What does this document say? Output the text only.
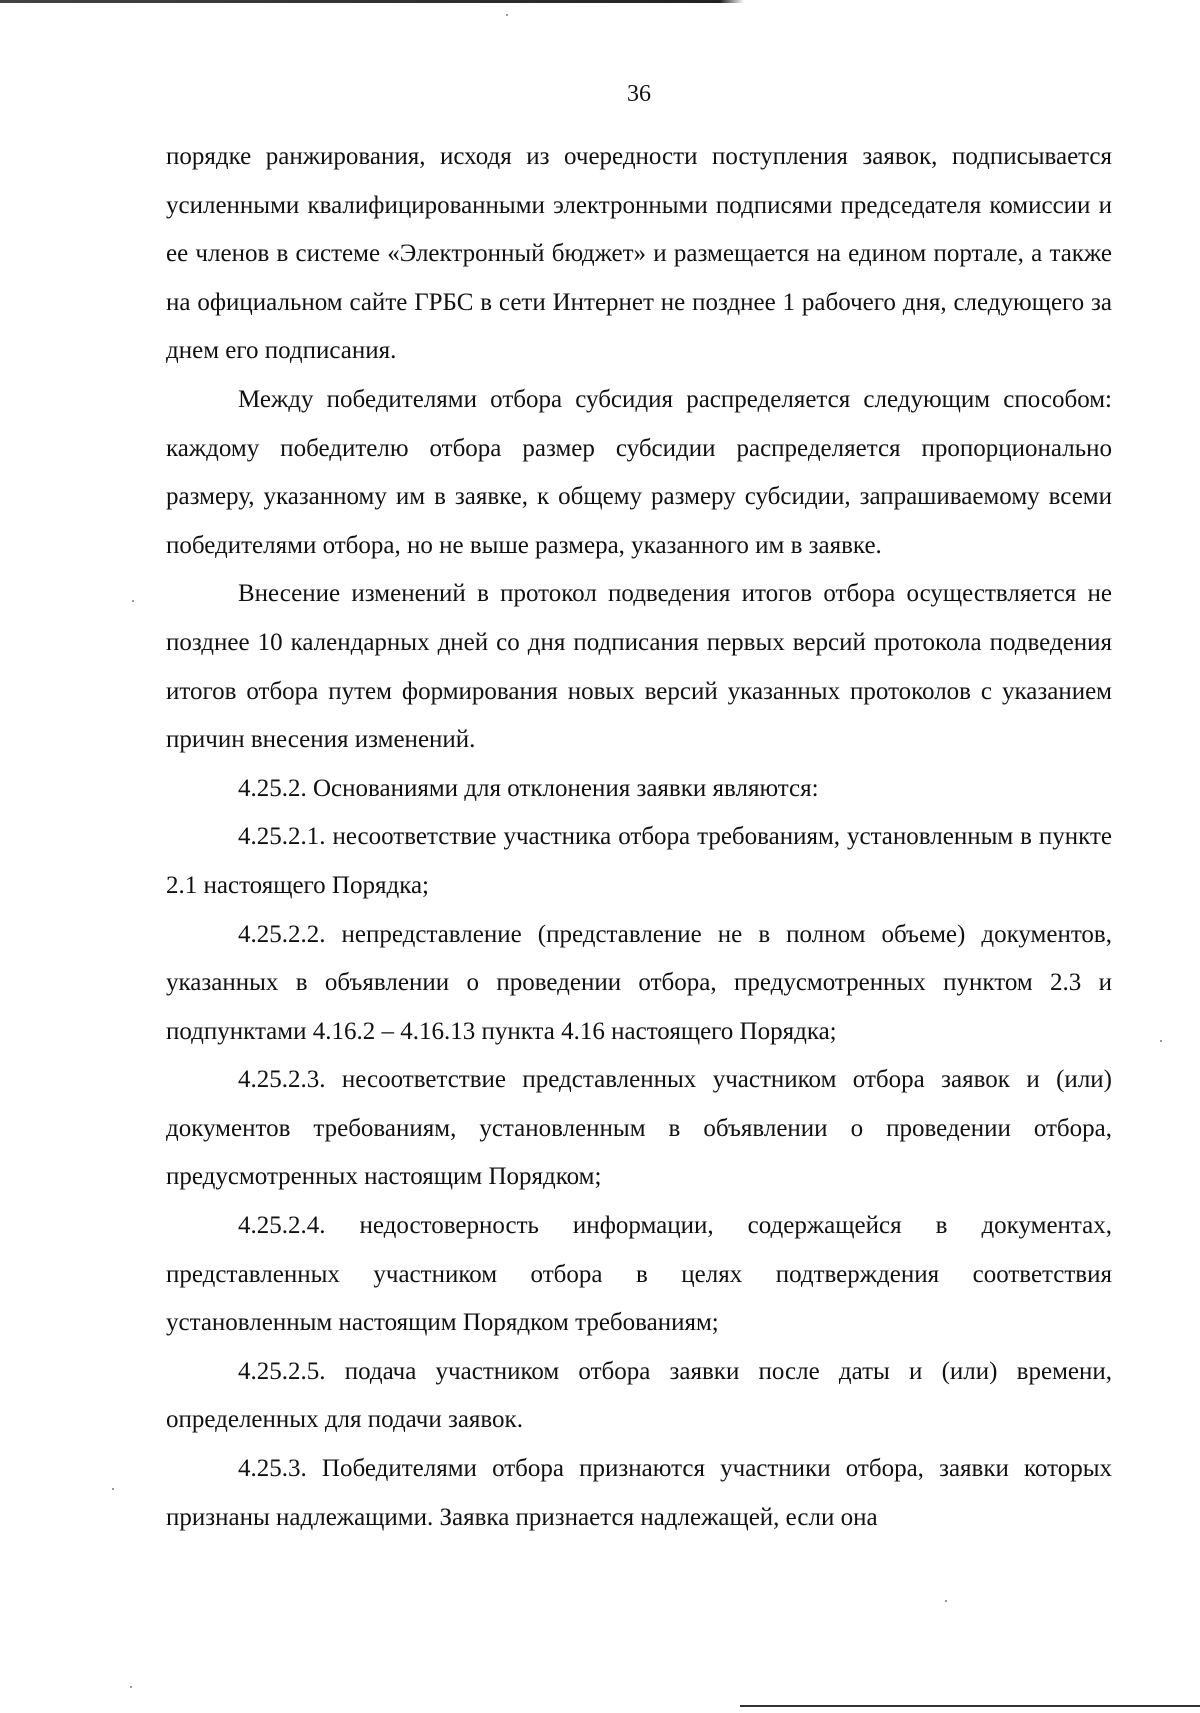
36

порядке ранжирования, исходя из очередности поступления заявок, подписывается усиленными квалифицированными электронными подписями председателя комиссии и ее членов в системе «Электронный бюджет» и размещается на едином портале, а также на официальном сайте ГРБС в сети Интернет не позднее 1 рабочего дня, следующего за днем его подписания.

Между победителями отбора субсидия распределяется следующим способом: каждому победителю отбора размер субсидии распределяется пропорционально размеру, указанному им в заявке, к общему размеру субсидии, запрашиваемому всеми победителями отбора, но не выше размера, указанного им в заявке.

Внесение изменений в протокол подведения итогов отбора осуществляется не позднее 10 календарных дней со дня подписания первых версий протокола подведения итогов отбора путем формирования новых версий указанных протоколов с указанием причин внесения изменений.

4.25.2. Основаниями для отклонения заявки являются:

4.25.2.1. несоответствие участника отбора требованиям, установленным в пункте 2.1 настоящего Порядка;

4.25.2.2. непредставление (представление не в полном объеме) документов, указанных в объявлении о проведении отбора, предусмотренных пунктом 2.3 и подпунктами 4.16.2 – 4.16.13 пункта 4.16 настоящего Порядка;

4.25.2.3. несоответствие представленных участником отбора заявок и (или) документов требованиям, установленным в объявлении о проведении отбора, предусмотренных настоящим Порядком;

4.25.2.4. недостоверность информации, содержащейся в документах, представленных участником отбора в целях подтверждения соответствия установленным настоящим Порядком требованиям;

4.25.2.5. подача участником отбора заявки после даты и (или) времени, определенных для подачи заявок.

4.25.3. Победителями отбора признаются участники отбора, заявки которых признаны надлежащими. Заявка признается надлежащей, если она
